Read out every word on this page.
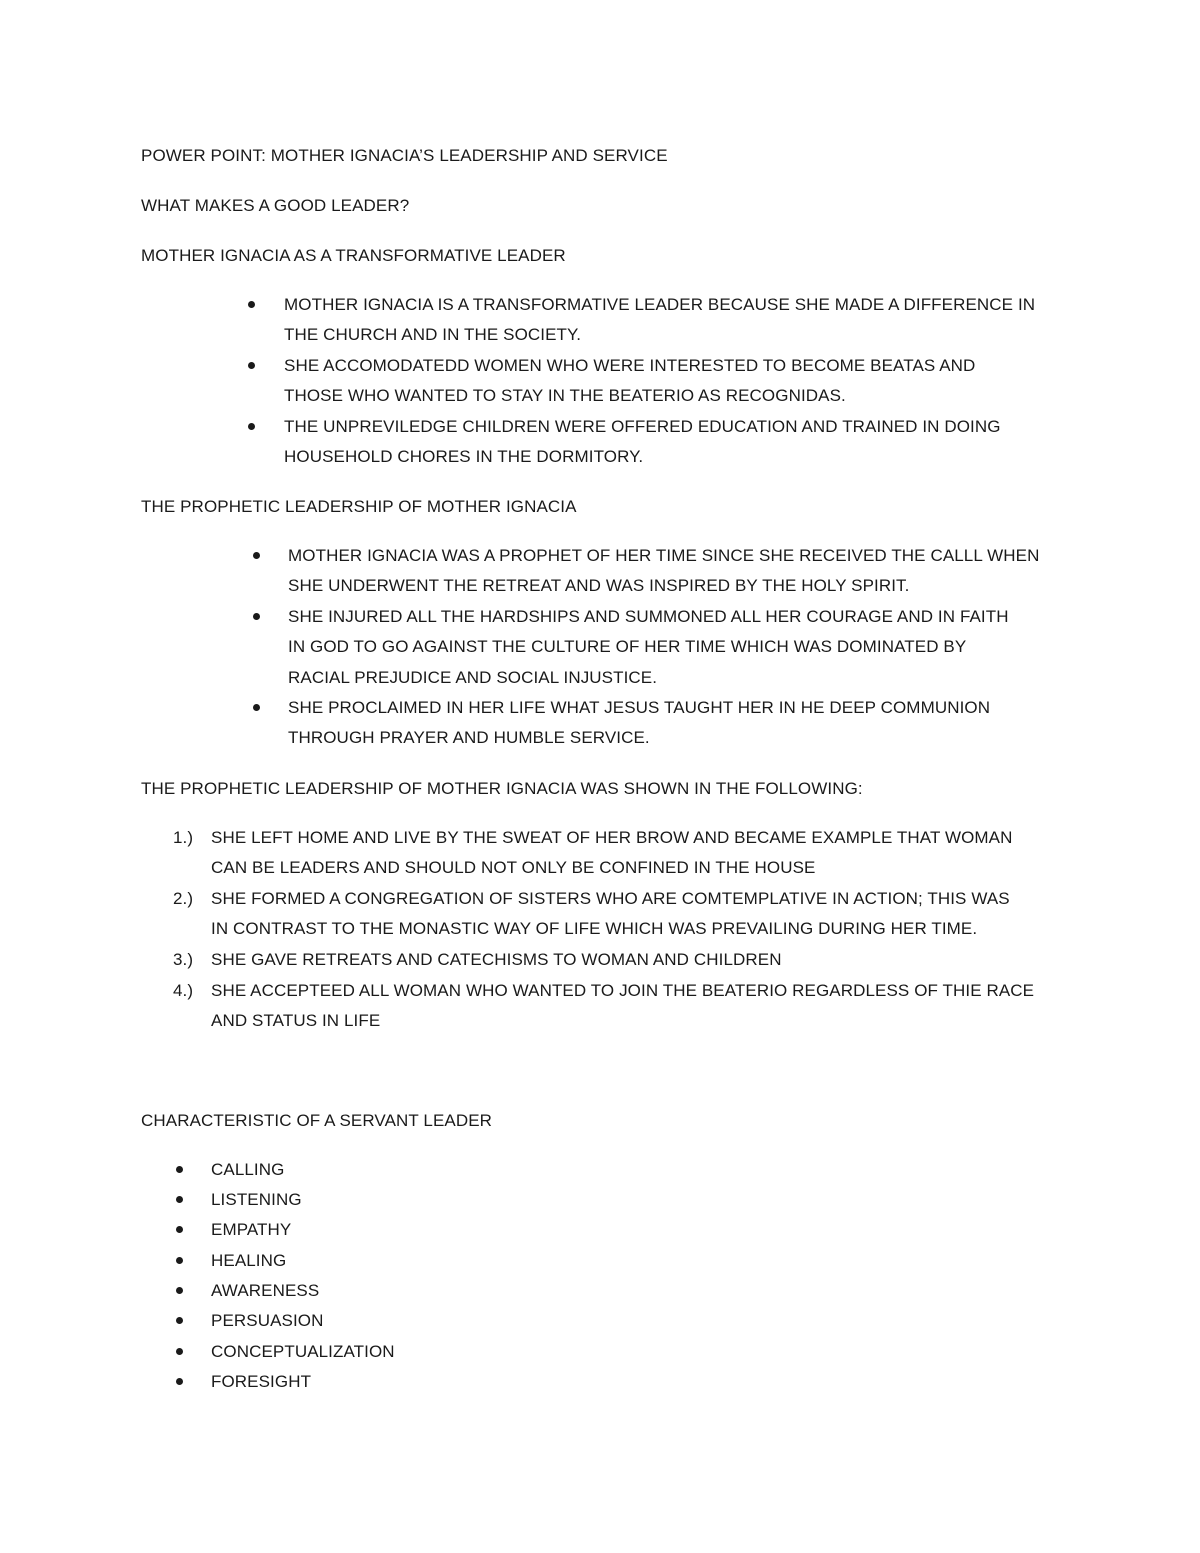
POWER POINT: MOTHER IGNACIA’S LEADERSHIP AND SERVICE
WHAT MAKES A GOOD LEADER?
MOTHER IGNACIA AS A TRANSFORMATIVE LEADER
MOTHER IGNACIA IS A TRANSFORMATIVE LEADER BECAUSE SHE MADE A DIFFERENCE IN
THE CHURCH AND IN THE SOCIETY.
SHE ACCOMODATEDD WOMEN WHO WERE INTERESTED TO BECOME BEATAS AND
THOSE WHO WANTED TO STAY IN THE BEATERIO AS RECOGNIDAS.
THE UNPREVILEDGE CHILDREN WERE OFFERED EDUCATION AND TRAINED IN DOING
HOUSEHOLD CHORES IN THE DORMITORY.
THE PROPHETIC LEADERSHIP OF MOTHER IGNACIA
MOTHER IGNACIA WAS A PROPHET OF HER TIME SINCE SHE RECEIVED THE CALLL WHEN
SHE UNDERWENT THE RETREAT AND WAS INSPIRED BY THE HOLY SPIRIT.
SHE INJURED ALL THE HARDSHIPS AND SUMMONED ALL HER COURAGE AND IN FAITH
IN GOD TO GO AGAINST THE CULTURE OF HER TIME WHICH WAS DOMINATED BY
RACIAL PREJUDICE AND SOCIAL INJUSTICE.
SHE PROCLAIMED IN HER LIFE WHAT JESUS TAUGHT HER IN HE DEEP COMMUNION
THROUGH PRAYER AND HUMBLE SERVICE.
THE PROPHETIC LEADERSHIP OF MOTHER IGNACIA WAS SHOWN IN THE FOLLOWING:
1.) SHE LEFT HOME AND LIVE BY THE SWEAT OF HER BROW AND BECAME EXAMPLE THAT WOMAN
CAN BE LEADERS AND SHOULD NOT ONLY BE CONFINED IN THE HOUSE
2.) SHE FORMED A CONGREGATION OF SISTERS WHO ARE COMTEMPLATIVE IN ACTION; THIS WAS
IN CONTRAST TO THE MONASTIC WAY OF LIFE WHICH WAS PREVAILING DURING HER TIME.
3.) SHE GAVE RETREATS AND CATECHISMS TO WOMAN AND CHILDREN
4.) SHE ACCEPTEED ALL WOMAN WHO WANTED TO JOIN THE BEATERIO REGARDLESS OF THIE RACE
AND STATUS IN LIFE
CHARACTERISTIC OF A SERVANT LEADER
CALLING
LISTENING
EMPATHY
HEALING
AWARENESS
PERSUASION
CONCEPTUALIZATION
FORESIGHT
